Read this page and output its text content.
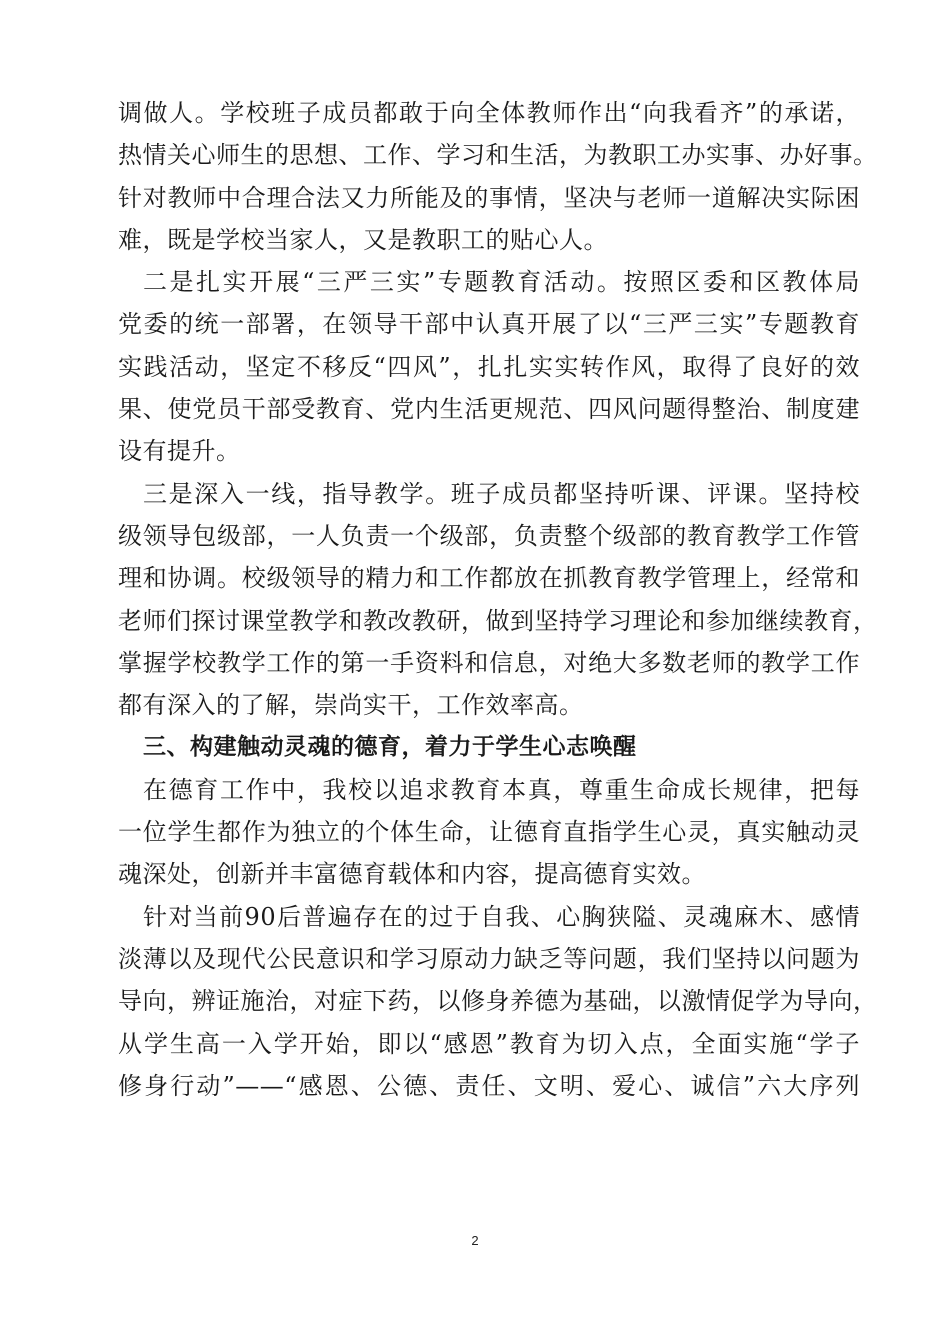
调做人。学校班子成员都敢于向全体教师作出“向我看齐”的承诺，
热情关心师生的思想、工作、学习和生活，为教职工办实事、办好事。
针对教师中合理合法又力所能及的事情，坚决与老师一道解决实际困
难，既是学校当家人，又是教职工的贴心人。
二是扎实开展“三严三实”专题教育活动。按照区委和区教体局
党委的统一部署，在领导干部中认真开展了以“三严三实”专题教育
实践活动，坚定不移反“四风”，扎扎实实转作风，取得了良好的效
果、使党员干部受教育、党内生活更规范、四风问题得整治、制度建
设有提升。
三是深入一线，指导教学。班子成员都坚持听课、评课。坚持校
级领导包级部，一人负责一个级部，负责整个级部的教育教学工作管
理和协调。校级领导的精力和工作都放在抓教育教学管理上，经常和
老师们探讨课堂教学和教改教研，做到坚持学习理论和参加继续教育，
掌握学校教学工作的第一手资料和信息，对绝大多数老师的教学工作
都有深入的了解，崇尚实干，工作效率高。
三、构建触动灵魂的德育，着力于学生心志唤醒
在德育工作中，我校以追求教育本真，尊重生命成长规律，把每
一位学生都作为独立的个体生命，让德育直指学生心灵，真实触动灵
魂深处，创新并丰富德育载体和内容，提高德育实效。
针对当前90后普遍存在的过于自我、心胸狭隘、灵魂麻木、感情
淡薄以及现代公民意识和学习原动力缺乏等问题，我们坚持以问题为
导向，辨证施治，对症下药，以修身养德为基础，以激情促学为导向，
从学生高一入学开始，即以“感恩”教育为切入点，全面实施“学子
修身行动”——“感恩、公德、责任、文明、爱心、诚信”六大序列
2
